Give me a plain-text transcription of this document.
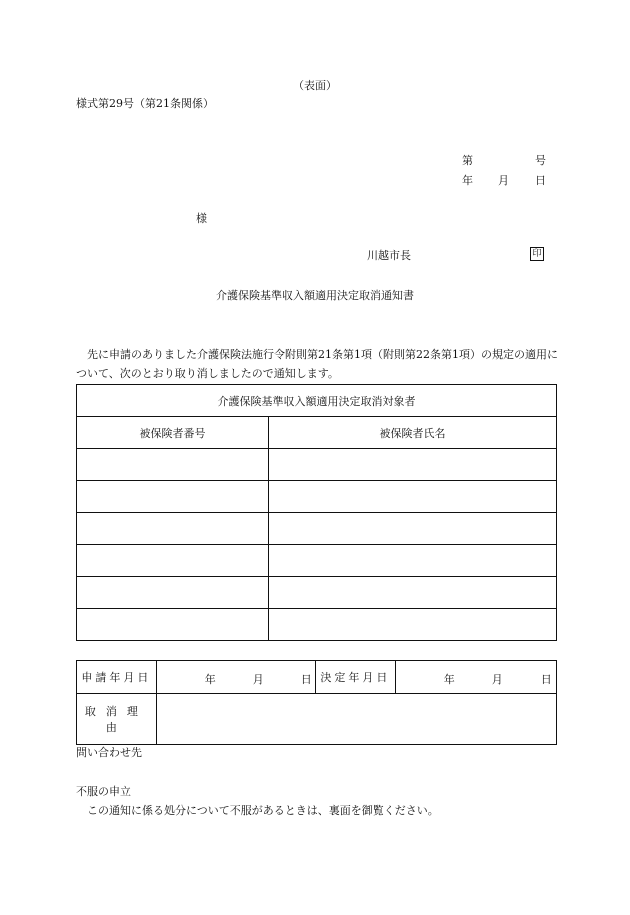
（表面）
様式第29号（第21条関係）
第	号
年 月 日
様
川越市長	印
介護保険基準収入額適用決定取消通知書
先に申請のありました介護保険法施行令附則第21条第1項（附則第22条第1項）の規定の適用について、次のとおり取り消しましたので通知します。
介護保険基準収入額適用決定取消対象者	
被保険者番号	被保険者氏名

申請年月日	年 月 日	決定年月日	年 月 日

取消理由			
問い合わせ先
不服の申立
この通知に係る処分について不服があるときは、裏面を御覧ください。
